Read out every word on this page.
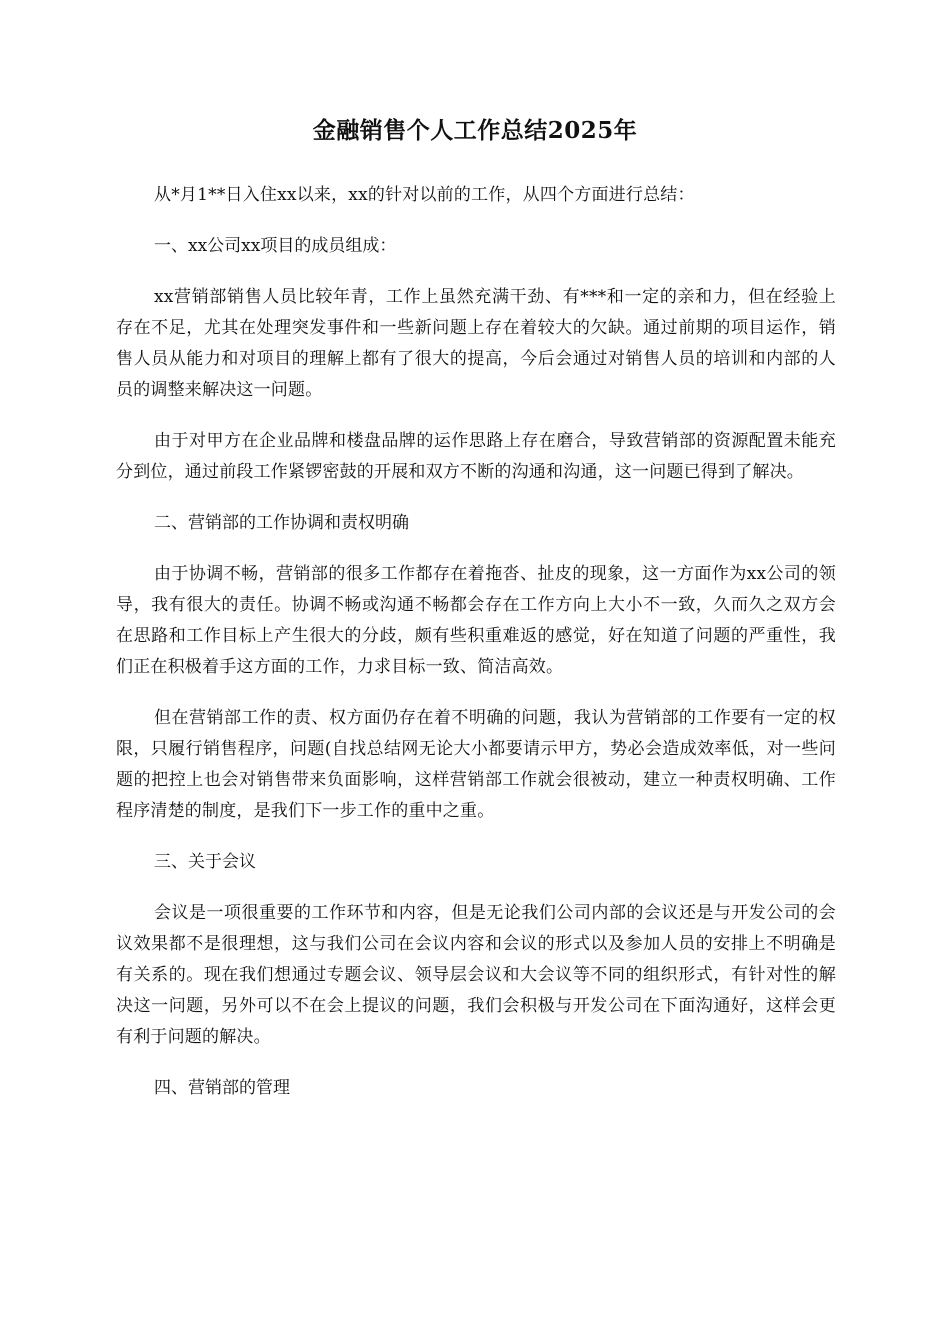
金融销售个人工作总结2025年

从*月1**日入住xx以来，xx的针对以前的工作，从四个方面进行总结：

一、xx公司xx项目的成员组成：

xx营销部销售人员比较年青，工作上虽然充满干劲、有***和一定的亲和力，但在经验上存在不足，尤其在处理突发事件和一些新问题上存在着较大的欠缺。通过前期的项目运作，销售人员从能力和对项目的理解上都有了很大的提高，今后会通过对销售人员的培训和内部的人员的调整来解决这一问题。

由于对甲方在企业品牌和楼盘品牌的运作思路上存在磨合，导致营销部的资源配置未能充分到位，通过前段工作紧锣密鼓的开展和双方不断的沟通和沟通，这一问题已得到了解决。

二、营销部的工作协调和责权明确

由于协调不畅，营销部的很多工作都存在着拖沓、扯皮的现象，这一方面作为xx公司的领导，我有很大的责任。协调不畅或沟通不畅都会存在工作方向上大小不一致，久而久之双方会在思路和工作目标上产生很大的分歧，颇有些积重难返的感觉，好在知道了问题的严重性，我们正在积极着手这方面的工作，力求目标一致、简洁高效。

但在营销部工作的责、权方面仍存在着不明确的问题，我认为营销部的工作要有一定的权限，只履行销售程序，问题(自找总结网无论大小都要请示甲方，势必会造成效率低，对一些问题的把控上也会对销售带来负面影响，这样营销部工作就会很被动，建立一种责权明确、工作程序清楚的制度，是我们下一步工作的重中之重。

三、关于会议

会议是一项很重要的工作环节和内容，但是无论我们公司内部的会议还是与开发公司的会议效果都不是很理想，这与我们公司在会议内容和会议的形式以及参加人员的安排上不明确是有关系的。现在我们想通过专题会议、领导层会议和大会议等不同的组织形式，有针对性的解决这一问题，另外可以不在会上提议的问题，我们会积极与开发公司在下面沟通好，这样会更有利于问题的解决。

四、营销部的管理
